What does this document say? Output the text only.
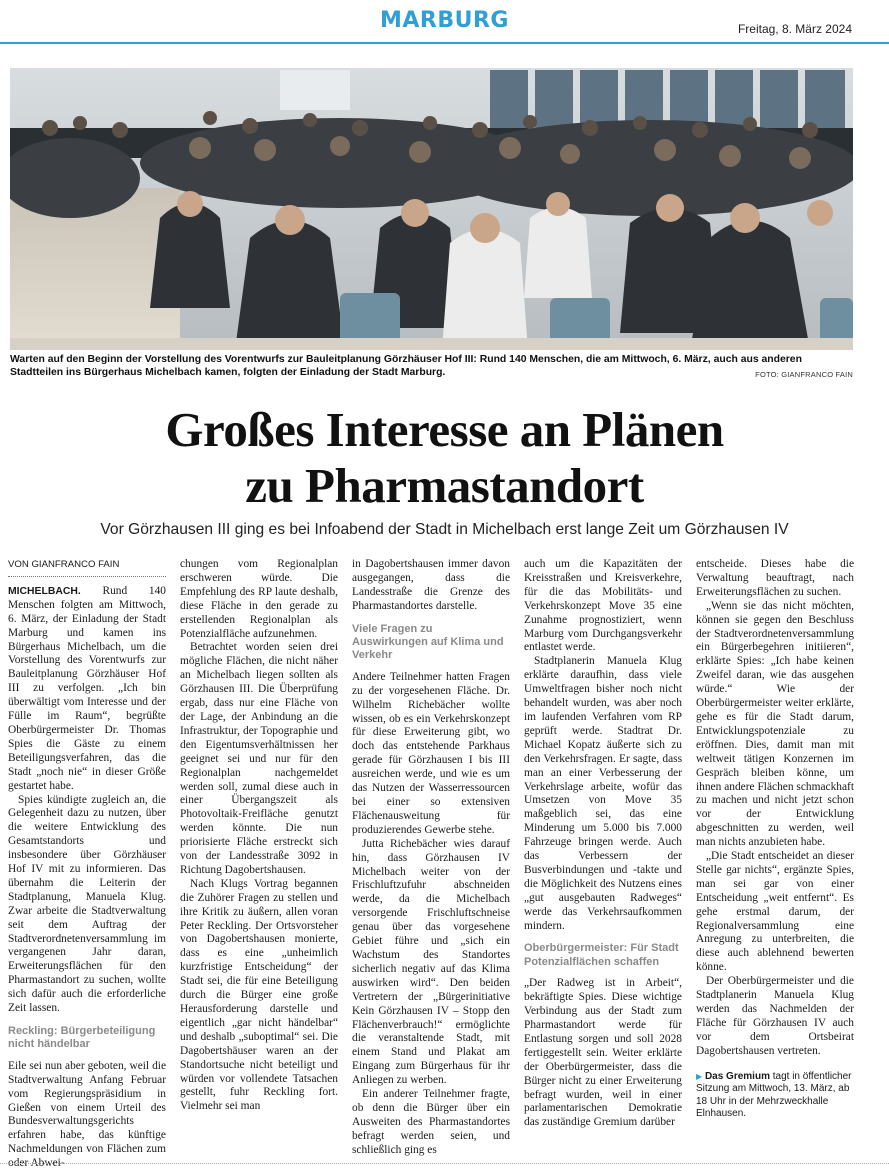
MARBURG	Freitag, 8. März 2024
Warten auf den Beginn der Vorstellung des Vorentwurfs zur Bauleitplanung Görzhäuser Hof III: Rund 140 Menschen, die am Mittwoch, 6. März, auch aus anderen Stadtteilen ins Bürgerhaus Michelbach kamen, folgten der Einladung der Stadt Marburg.	FOTO: GIANFRANCO FAIN
Großes Interesse an Plänen
zu Pharmastandort
Vor Görzhausen III ging es bei Infoabend der Stadt in Michelbach erst lange Zeit um Görzhausen IV
VON GIANFRANCO FAIN

MICHELBACH. Rund 140 Menschen folgten am Mittwoch, 6. März, der Einladung der Stadt Marburg und kamen ins Bürgerhaus Michelbach, um die Vorstellung des Vorentwurfs zur Bauleitplanung Görzhäuser Hof III zu verfolgen. „Ich bin überwältigt vom Interesse und der Fülle im Raum“, begrüßte Oberbürgermeister Dr. Thomas Spies die Gäste zu einem Beteiligungsverfahren, das die Stadt „noch nie“ in dieser Größe gestartet habe.

Spies kündigte zugleich an, die Gelegenheit dazu zu nutzen, über die weitere Entwicklung des Gesamtstandorts und insbesondere über Görzhäuser Hof IV mit zu informieren. Das übernahm die Leiterin der Stadtplanung, Manuela Klug. Zwar arbeite die Stadtverwaltung seit dem Auftrag der Stadtverordnetenversammlung im vergangenen Jahr daran, Erweiterungsflächen für den Pharmastandort zu suchen, wollte sich dafür auch die erforderliche Zeit lassen.

Reckling: Bürgerbeteiligung nicht händelbar

Eile sei nun aber geboten, weil die Stadtverwaltung Anfang Februar vom Regierungspräsidium in Gießen von einem Urteil des Bundesverwaltungsgerichts erfahren habe, das künftige Nachmeldungen von Flächen zum oder Abwei-

chungen vom Regionalplan erschweren würde. Die Empfehlung des RP laute deshalb, diese Fläche in den gerade zu erstellenden Regionalplan als Potenzialfläche aufzunehmen.

Betrachtet worden seien drei mögliche Flächen, die nicht näher an Michelbach liegen sollten als Görzhausen III. Die Überprüfung ergab, dass nur eine Fläche von der Lage, der Anbindung an die Infrastruktur, der Topographie und den Eigentumsverhältnissen her geeignet sei und nur für den Regionalplan nachgemeldet werden soll, zumal diese auch in einer Übergangszeit als Photovoltaik-Freifläche genutzt werden könnte. Die nun priorisierte Fläche erstreckt sich von der Landesstraße 3092 in Richtung Dagobertshausen.

Nach Klugs Vortrag begannen die Zuhörer Fragen zu stellen und ihre Kritik zu äußern, allen voran Peter Reckling. Der Ortsvorsteher von Dagobertshausen monierte, dass es eine „unheimlich kurzfristige Entscheidung“ der Stadt sei, die für eine Beteiligung durch die Bürger eine große Herausforderung darstelle und eigentlich „gar nicht händelbar“ und deshalb „suboptimal“ sei. Die Dagobertshäuser waren an der Standortsuche nicht beteiligt und würden vor vollendete Tatsachen gestellt, fuhr Reckling fort. Vielmehr sei man

in Dagobertshausen immer davon ausgegangen, dass die Landesstraße die Grenze des Pharmastandortes darstelle.

Viele Fragen zu Auswirkungen auf Klima und Verkehr

Andere Teilnehmer hatten Fragen zu der vorgesehenen Fläche. Dr. Wilhelm Richebächer wollte wissen, ob es ein Verkehrskonzept für diese Erweiterung gibt, wo doch das entstehende Parkhaus gerade für Görzhausen I bis III ausreichen werde, und wie es um das Nutzen der Wasserressourcen bei einer so extensiven Flächenausweitung für produzierendes Gewerbe stehe.

Jutta Richebächer wies darauf hin, dass Görzhausen IV Michelbach weiter von der Frischluftzufuhr abschneiden werde, da die Michelbach versorgende Frischluftschneise genau über das vorgesehene Gebiet führe und „sich ein Wachstum des Standortes sicherlich negativ auf das Klima auswirken wird“. Den beiden Vertretern der „Bürgerinitiative Kein Görzhausen IV – Stopp den Flächenverbrauch!“ ermöglichte die veranstaltende Stadt, mit einem Stand und Plakat am Eingang zum Bürgerhaus für ihr Anliegen zu werben.

Ein anderer Teilnehmer fragte, ob denn die Bürger über ein Ausweiten des Pharmastandortes befragt werden seien, und schließlich ging es

auch um die Kapazitäten der Kreisstraßen und Kreisverkehre, für die das Mobilitäts- und Verkehrskonzept Move 35 eine Zunahme prognostiziert, wenn Marburg vom Durchgangsverkehr entlastet werde.

Stadtplanerin Manuela Klug erklärte daraufhin, dass viele Umweltfragen bisher noch nicht behandelt wurden, was aber noch im laufenden Verfahren vom RP geprüft werde. Stadtrat Dr. Michael Kopatz äußerte sich zu den Verkehrsfragen. Er sagte, dass man an einer Verbesserung der Verkehrslage arbeite, wofür das Umsetzen von Move 35 maßgeblich sei, das eine Minderung um 5.000 bis 7.000 Fahrzeuge bringen werde. Auch das Verbessern der Busverbindungen und -takte und die Möglichkeit des Nutzens eines „gut ausgebauten Radweges“ werde das Verkehrsaufkommen mindern.

Oberbürgermeister: Für Stadt Potenzialflächen schaffen

„Der Radweg ist in Arbeit“, bekräftigte Spies. Diese wichtige Verbindung aus der Stadt zum Pharmastandort werde für Entlastung sorgen und soll 2028 fertiggestellt sein. Weiter erklärte der Oberbürgermeister, dass die Bürger nicht zu einer Erweiterung befragt wurden, weil in einer parlamentarischen Demokratie das zuständige Gremium darüber

entscheide. Dieses habe die Verwaltung beauftragt, nach Erweiterungsflächen zu suchen.

„Wenn sie das nicht möchten, können sie gegen den Beschluss der Stadtverordnetenversammlung ein Bürgerbegehren initiieren“, erklärte Spies: „Ich habe keinen Zweifel daran, wie das ausgehen würde.“ Wie der Oberbürgermeister weiter erklärte, gehe es für die Stadt darum, Entwicklungspotenziale zu eröffnen. Dies, damit man mit weltweit tätigen Konzernen im Gespräch bleiben könne, um ihnen andere Flächen schmackhaft zu machen und nicht jetzt schon vor der Entwicklung abgeschnitten zu werden, weil man nichts anzubieten habe.

„Die Stadt entscheidet an dieser Stelle gar nichts“, ergänzte Spies, man sei gar von einer Entscheidung „weit entfernt“. Es gehe erstmal darum, der Regionalversammlung eine Anregung zu unterbreiten, die diese auch ablehnend bewerten könne.

Der Oberbürgermeister und die Stadtplanerin Manuela Klug werden das Nachmelden der Fläche für Görzhausen IV auch vor dem Ortsbeirat Dagobertshausen vertreten.

▶ Das Gremium tagt in öffentlicher Sitzung am Mittwoch, 13. März, ab 18 Uhr in der Mehrzweckhalle Elnhausen.
